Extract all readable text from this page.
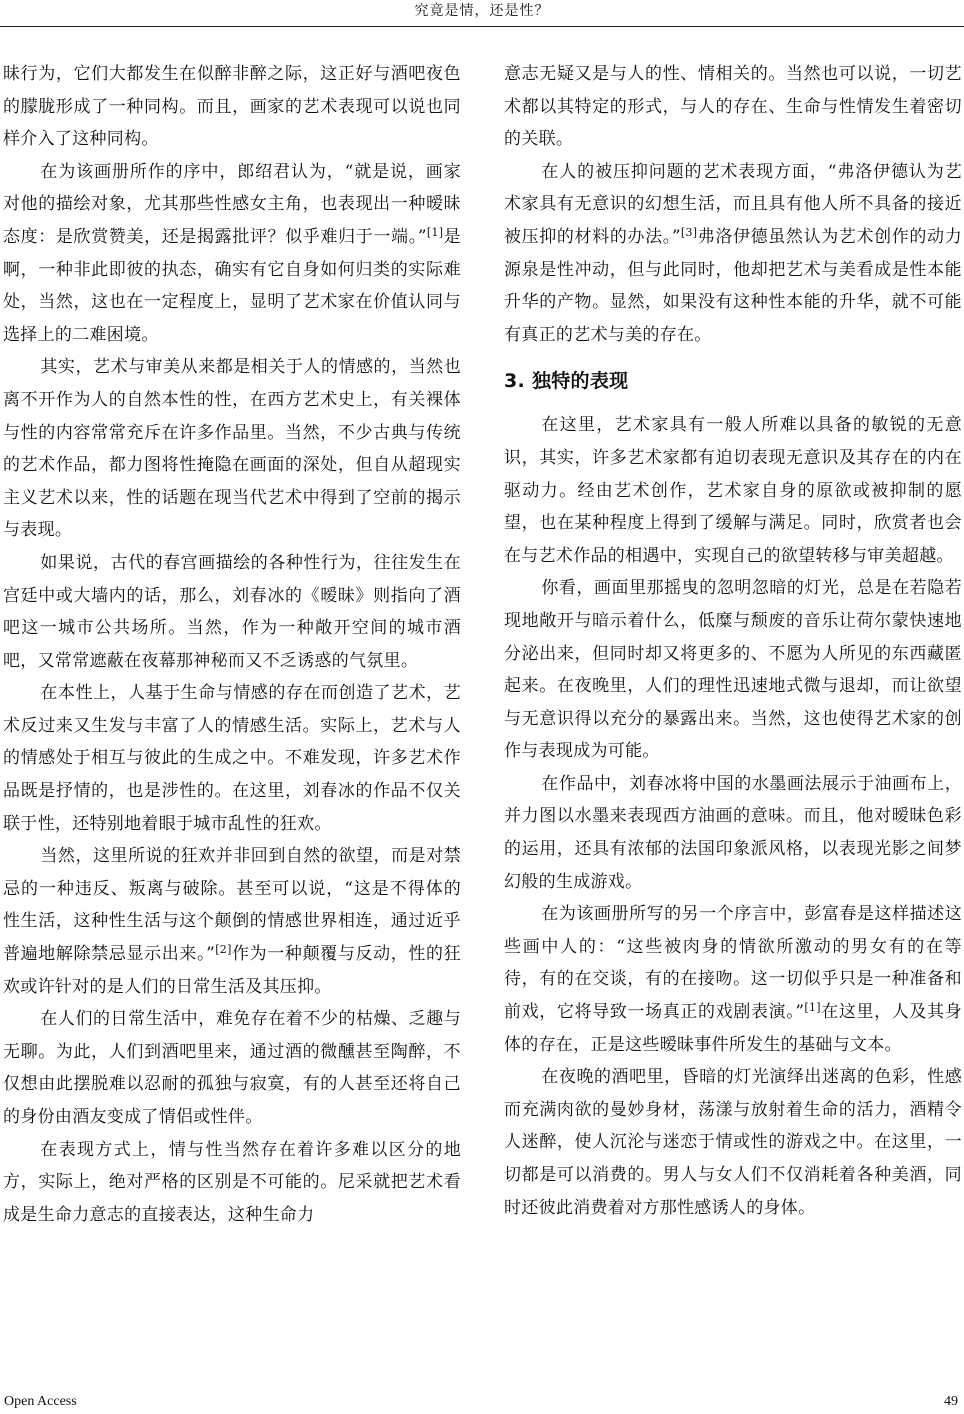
究竟是情，还是性？

昧行为，它们大都发生在似醉非醉之际，这正好与酒吧夜色的朦胧形成了一种同构。而且，画家的艺术表现可以说也同样介入了这种同构。

在为该画册所作的序中，郎绍君认为，“就是说，画家对他的描绘对象，尤其那些性感女主角，也表现出一种暧昧态度：是欣赏赞美，还是揭露批评？似乎难归于一端。”[1]是啊，一种非此即彼的执态，确实有它自身如何归类的实际难处，当然，这也在一定程度上，显明了艺术家在价值认同与选择上的二难困境。

其实，艺术与审美从来都是相关于人的情感的，当然也离不开作为人的自然本性的性，在西方艺术史上，有关裸体与性的内容常常充斥在许多作品里。当然，不少古典与传统的艺术作品，都力图将性掩隐在画面的深处，但自从超现实主义艺术以来，性的话题在现当代艺术中得到了空前的揭示与表现。

如果说，古代的春宫画描绘的各种性行为，往往发生在宫廷中或大墙内的话，那么，刘春冰的《暧昧》则指向了酒吧这一城市公共场所。当然，作为一种敞开空间的城市酒吧，又常常遮蔽在夜幕那神秘而又不乏诱惑的气氛里。

在本性上，人基于生命与情感的存在而创造了艺术，艺术反过来又生发与丰富了人的情感生活。实际上，艺术与人的情感处于相互与彼此的生成之中。不难发现，许多艺术作品既是抒情的，也是涉性的。在这里，刘春冰的作品不仅关联于性，还特别地着眼于城市乱性的狂欢。

当然，这里所说的狂欢并非回到自然的欲望，而是对禁忌的一种违反、叛离与破除。甚至可以说，“这是不得体的性生活，这种性生活与这个颠倒的情感世界相连，通过近乎普遍地解除禁忌显示出来。”[2]作为一种颠覆与反动，性的狂欢或许针对的是人们的日常生活及其压抑。

在人们的日常生活中，难免存在着不少的枯燥、乏趣与无聊。为此，人们到酒吧里来，通过酒的微醺甚至陶醉，不仅想由此摆脱难以忍耐的孤独与寂寞，有的人甚至还将自己的身份由酒友变成了情侣或性伴。

在表现方式上，情与性当然存在着许多难以区分的地方，实际上，绝对严格的区别是不可能的。尼采就把艺术看成是生命力意志的直接表达，这种生命力

意志无疑又是与人的性、情相关的。当然也可以说，一切艺术都以其特定的形式，与人的存在、生命与性情发生着密切的关联。

在人的被压抑问题的艺术表现方面，“弗洛伊德认为艺术家具有无意识的幻想生活，而且具有他人所不具备的接近被压抑的材料的办法。”[3]弗洛伊德虽然认为艺术创作的动力源泉是性冲动，但与此同时，他却把艺术与美看成是性本能升华的产物。显然，如果没有这种性本能的升华，就不可能有真正的艺术与美的存在。

3. 独特的表现

在这里，艺术家具有一般人所难以具备的敏锐的无意识，其实，许多艺术家都有迫切表现无意识及其存在的内在驱动力。经由艺术创作，艺术家自身的原欲或被抑制的愿望，也在某种程度上得到了缓解与满足。同时，欣赏者也会在与艺术作品的相遇中，实现自己的欲望转移与审美超越。

你看，画面里那摇曳的忽明忽暗的灯光，总是在若隐若现地敞开与暗示着什么，低糜与颓废的音乐让荷尔蒙快速地分泌出来，但同时却又将更多的、不愿为人所见的东西藏匿起来。在夜晚里，人们的理性迅速地式微与退却，而让欲望与无意识得以充分的暴露出来。当然，这也使得艺术家的创作与表现成为可能。

在作品中，刘春冰将中国的水墨画法展示于油画布上，并力图以水墨来表现西方油画的意味。而且，他对暧昧色彩的运用，还具有浓郁的法国印象派风格，以表现光影之间梦幻般的生成游戏。

在为该画册所写的另一个序言中，彭富春是这样描述这些画中人的：“这些被肉身的情欲所激动的男女有的在等待，有的在交谈，有的在接吻。这一切似乎只是一种准备和前戏，它将导致一场真正的戏剧表演。”[1]在这里，人及其身体的存在，正是这些暧昧事件所发生的基础与文本。

在夜晚的酒吧里，昏暗的灯光演绎出迷离的色彩，性感而充满肉欲的曼妙身材，荡漾与放射着生命的活力，酒精令人迷醉，使人沉沦与迷恋于情或性的游戏之中。在这里，一切都是可以消费的。男人与女人们不仅消耗着各种美酒，同时还彼此消费着对方那性感诱人的身体。

Open Access	49
